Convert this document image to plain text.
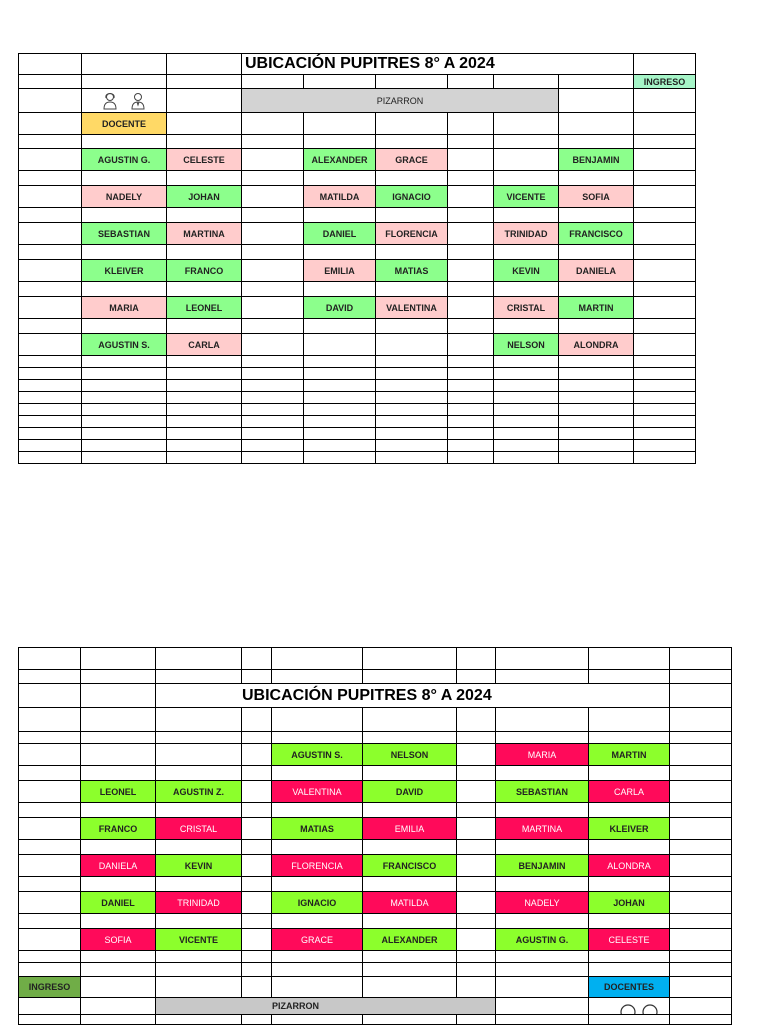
			UBICACIÓN PUPITRES 8° A 2024						
									INGRESO
			PIZARRON						
	DOCENTE								

	AGUSTIN G.	CELESTE		ALEXANDER	GRACE			BENJAMIN	

	NADELY	JOHAN		MATILDA	IGNACIO		VICENTE	SOFIA	

	SEBASTIAN	MARTINA		DANIEL	FLORENCIA		TRINIDAD	FRANCISCO	

	KLEIVER	FRANCO		EMILIA	MATIAS		KEVIN	DANIELA	

	MARIA	LEONEL		DAVID	VALENTINA		CRISTAL	MARTIN	

	AGUSTIN S.	CARLA					NELSON	ALONDRA	

		UBICACIÓN PUPITRES 8° A 2024							

				AGUSTIN S.	NELSON		MARIA	MARTIN	

	LEONEL	AGUSTIN Z.		VALENTINA	DAVID		SEBASTIAN	CARLA	

	FRANCO	CRISTAL		MATIAS	EMILIA		MARTINA	KLEIVER	

	DANIELA	KEVIN		FLORENCIA	FRANCISCO		BENJAMIN	ALONDRA	

	DANIEL	TRINIDAD		IGNACIO	MATILDA		NADELY	JOHAN	

	SOFIA	VICENTE		GRACE	ALEXANDER		AGUSTIN G.	CELESTE	

INGRESO								DOCENTES	
		PIZARRON			
